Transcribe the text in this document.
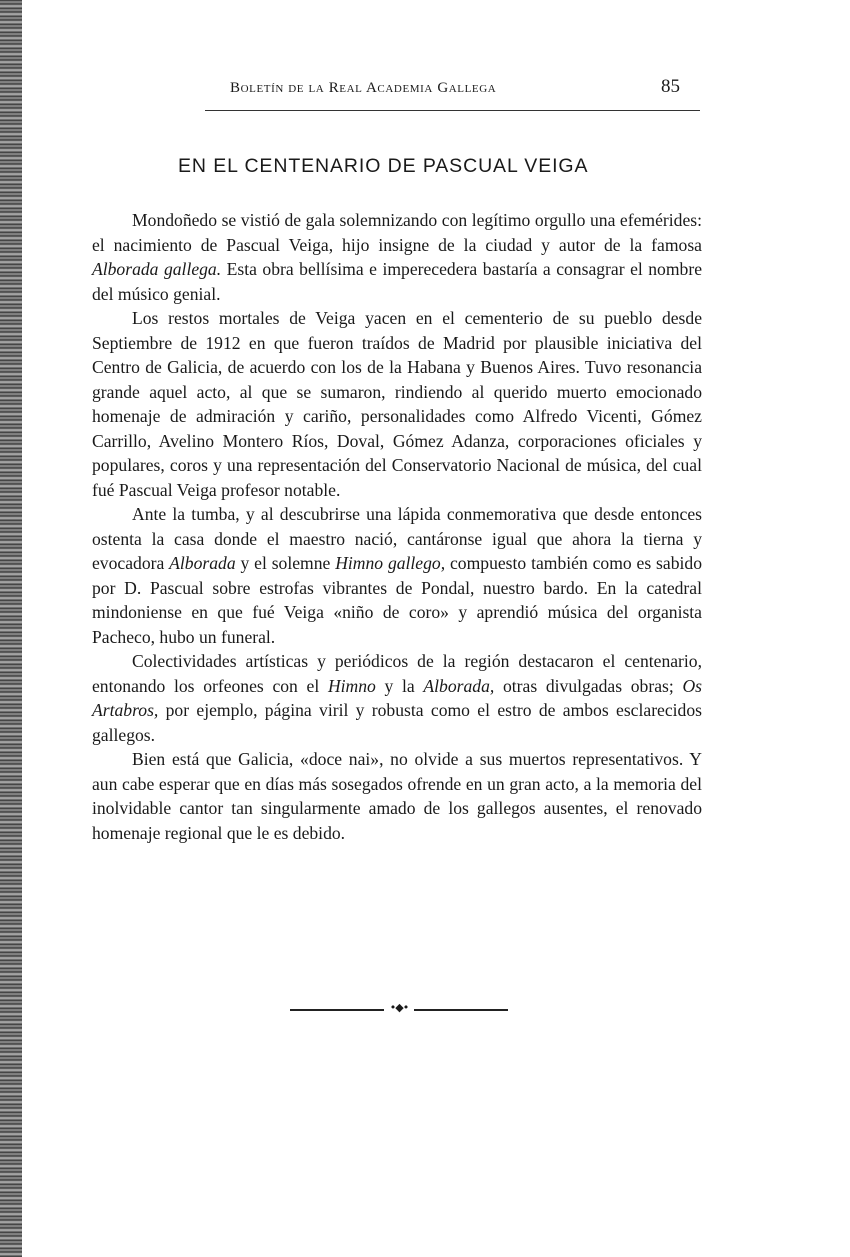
Boletín de la Real Academia Gallega	85
EN EL CENTENARIO DE PASCUAL VEIGA

Mondoñedo se vistió de gala solemnizando con legítimo orgullo una efemérides: el nacimiento de Pascual Veiga, hijo insigne de la ciudad y autor de la famosa Alborada gallega. Esta obra bellísima e imperecedera bastaría a consagrar el nombre del músico genial.

Los restos mortales de Veiga yacen en el cementerio de su pueblo desde Septiembre de 1912 en que fueron traídos de Madrid por plausible iniciativa del Centro de Galicia, de acuerdo con los de la Habana y Buenos Aires. Tuvo resonancia grande aquel acto, al que se sumaron, rindiendo al querido muerto emocionado homenaje de admiración y cariño, personalidades como Alfredo Vicenti, Gómez Carrillo, Avelino Montero Ríos, Doval, Gómez Adanza, corporaciones oficiales y populares, coros y una representación del Conservatorio Nacional de música, del cual fué Pascual Veiga profesor notable.

Ante la tumba, y al descubrirse una lápida conmemorativa que desde entonces ostenta la casa donde el maestro nació, cantáronse igual que ahora la tierna y evocadora Alborada y el solemne Himno gallego, compuesto también como es sabido por D. Pascual sobre estrofas vibrantes de Pondal, nuestro bardo. En la catedral mindoniense en que fué Veiga «niño de coro» y aprendió música del organista Pacheco, hubo un funeral.

Colectividades artísticas y periódicos de la región destacaron el centenario, entonando los orfeones con el Himno y la Alborada, otras divulgadas obras; Os Artabros, por ejemplo, página viril y robusta como el estro de ambos esclarecidos gallegos.

Bien está que Galicia, «doce nai», no olvide a sus muertos representativos. Y aun cabe esperar que en días más sosegados ofrende en un gran acto, a la memoria del inolvidable cantor tan singularmente amado de los gallegos ausentes, el renovado homenaje regional que le es debido.

•◆•
